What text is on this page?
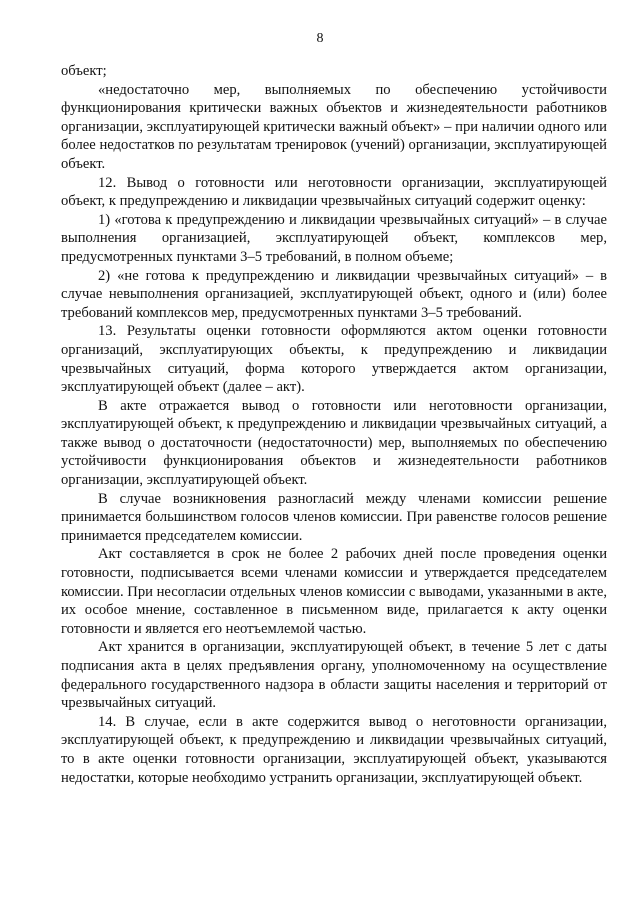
8

объект;

«недостаточно мер, выполняемых по обеспечению устойчивости функционирования критически важных объектов и жизнедеятельности работников организации, эксплуатирующей критически важный объект» – при наличии одного или более недостатков по результатам тренировок (учений) организации, эксплуатирующей объект.

12. Вывод о готовности или неготовности организации, эксплуатирующей объект, к предупреждению и ликвидации чрезвычайных ситуаций содержит оценку:

1) «готова к предупреждению и ликвидации чрезвычайных ситуаций» – в случае выполнения организацией, эксплуатирующей объект, комплексов мер, предусмотренных пунктами 3–5 требований, в полном объеме;

2) «не готова к предупреждению и ликвидации чрезвычайных ситуаций» – в случае невыполнения организацией, эксплуатирующей объект, одного и (или) более требований комплексов мер, предусмотренных пунктами 3–5 требований.

13. Результаты оценки готовности оформляются актом оценки готовности организаций, эксплуатирующих объекты, к предупреждению и ликвидации чрезвычайных ситуаций, форма которого утверждается актом организации, эксплуатирующей объект (далее – акт).

В акте отражается вывод о готовности или неготовности организации, эксплуатирующей объект, к предупреждению и ликвидации чрезвычайных ситуаций, а также вывод о достаточности (недостаточности) мер, выполняемых по обеспечению устойчивости функционирования объектов и жизнедеятельности работников организации, эксплуатирующей объект.

В случае возникновения разногласий между членами комиссии решение принимается большинством голосов членов комиссии. При равенстве голосов решение принимается председателем комиссии.

Акт составляется в срок не более 2 рабочих дней после проведения оценки готовности, подписывается всеми членами комиссии и утверждается председателем комиссии. При несогласии отдельных членов комиссии с выводами, указанными в акте, их особое мнение, составленное в письменном виде, прилагается к акту оценки готовности и является его неотъемлемой частью.

Акт хранится в организации, эксплуатирующей объект, в течение 5 лет с даты подписания акта в целях предъявления органу, уполномоченному на осуществление федерального государственного надзора в области защиты населения и территорий от чрезвычайных ситуаций.

14. В случае, если в акте содержится вывод о неготовности организации, эксплуатирующей объект, к предупреждению и ликвидации чрезвычайных ситуаций, то в акте оценки готовности организации, эксплуатирующей объект, указываются недостатки, которые необходимо устранить организации, эксплуатирующей объект.
